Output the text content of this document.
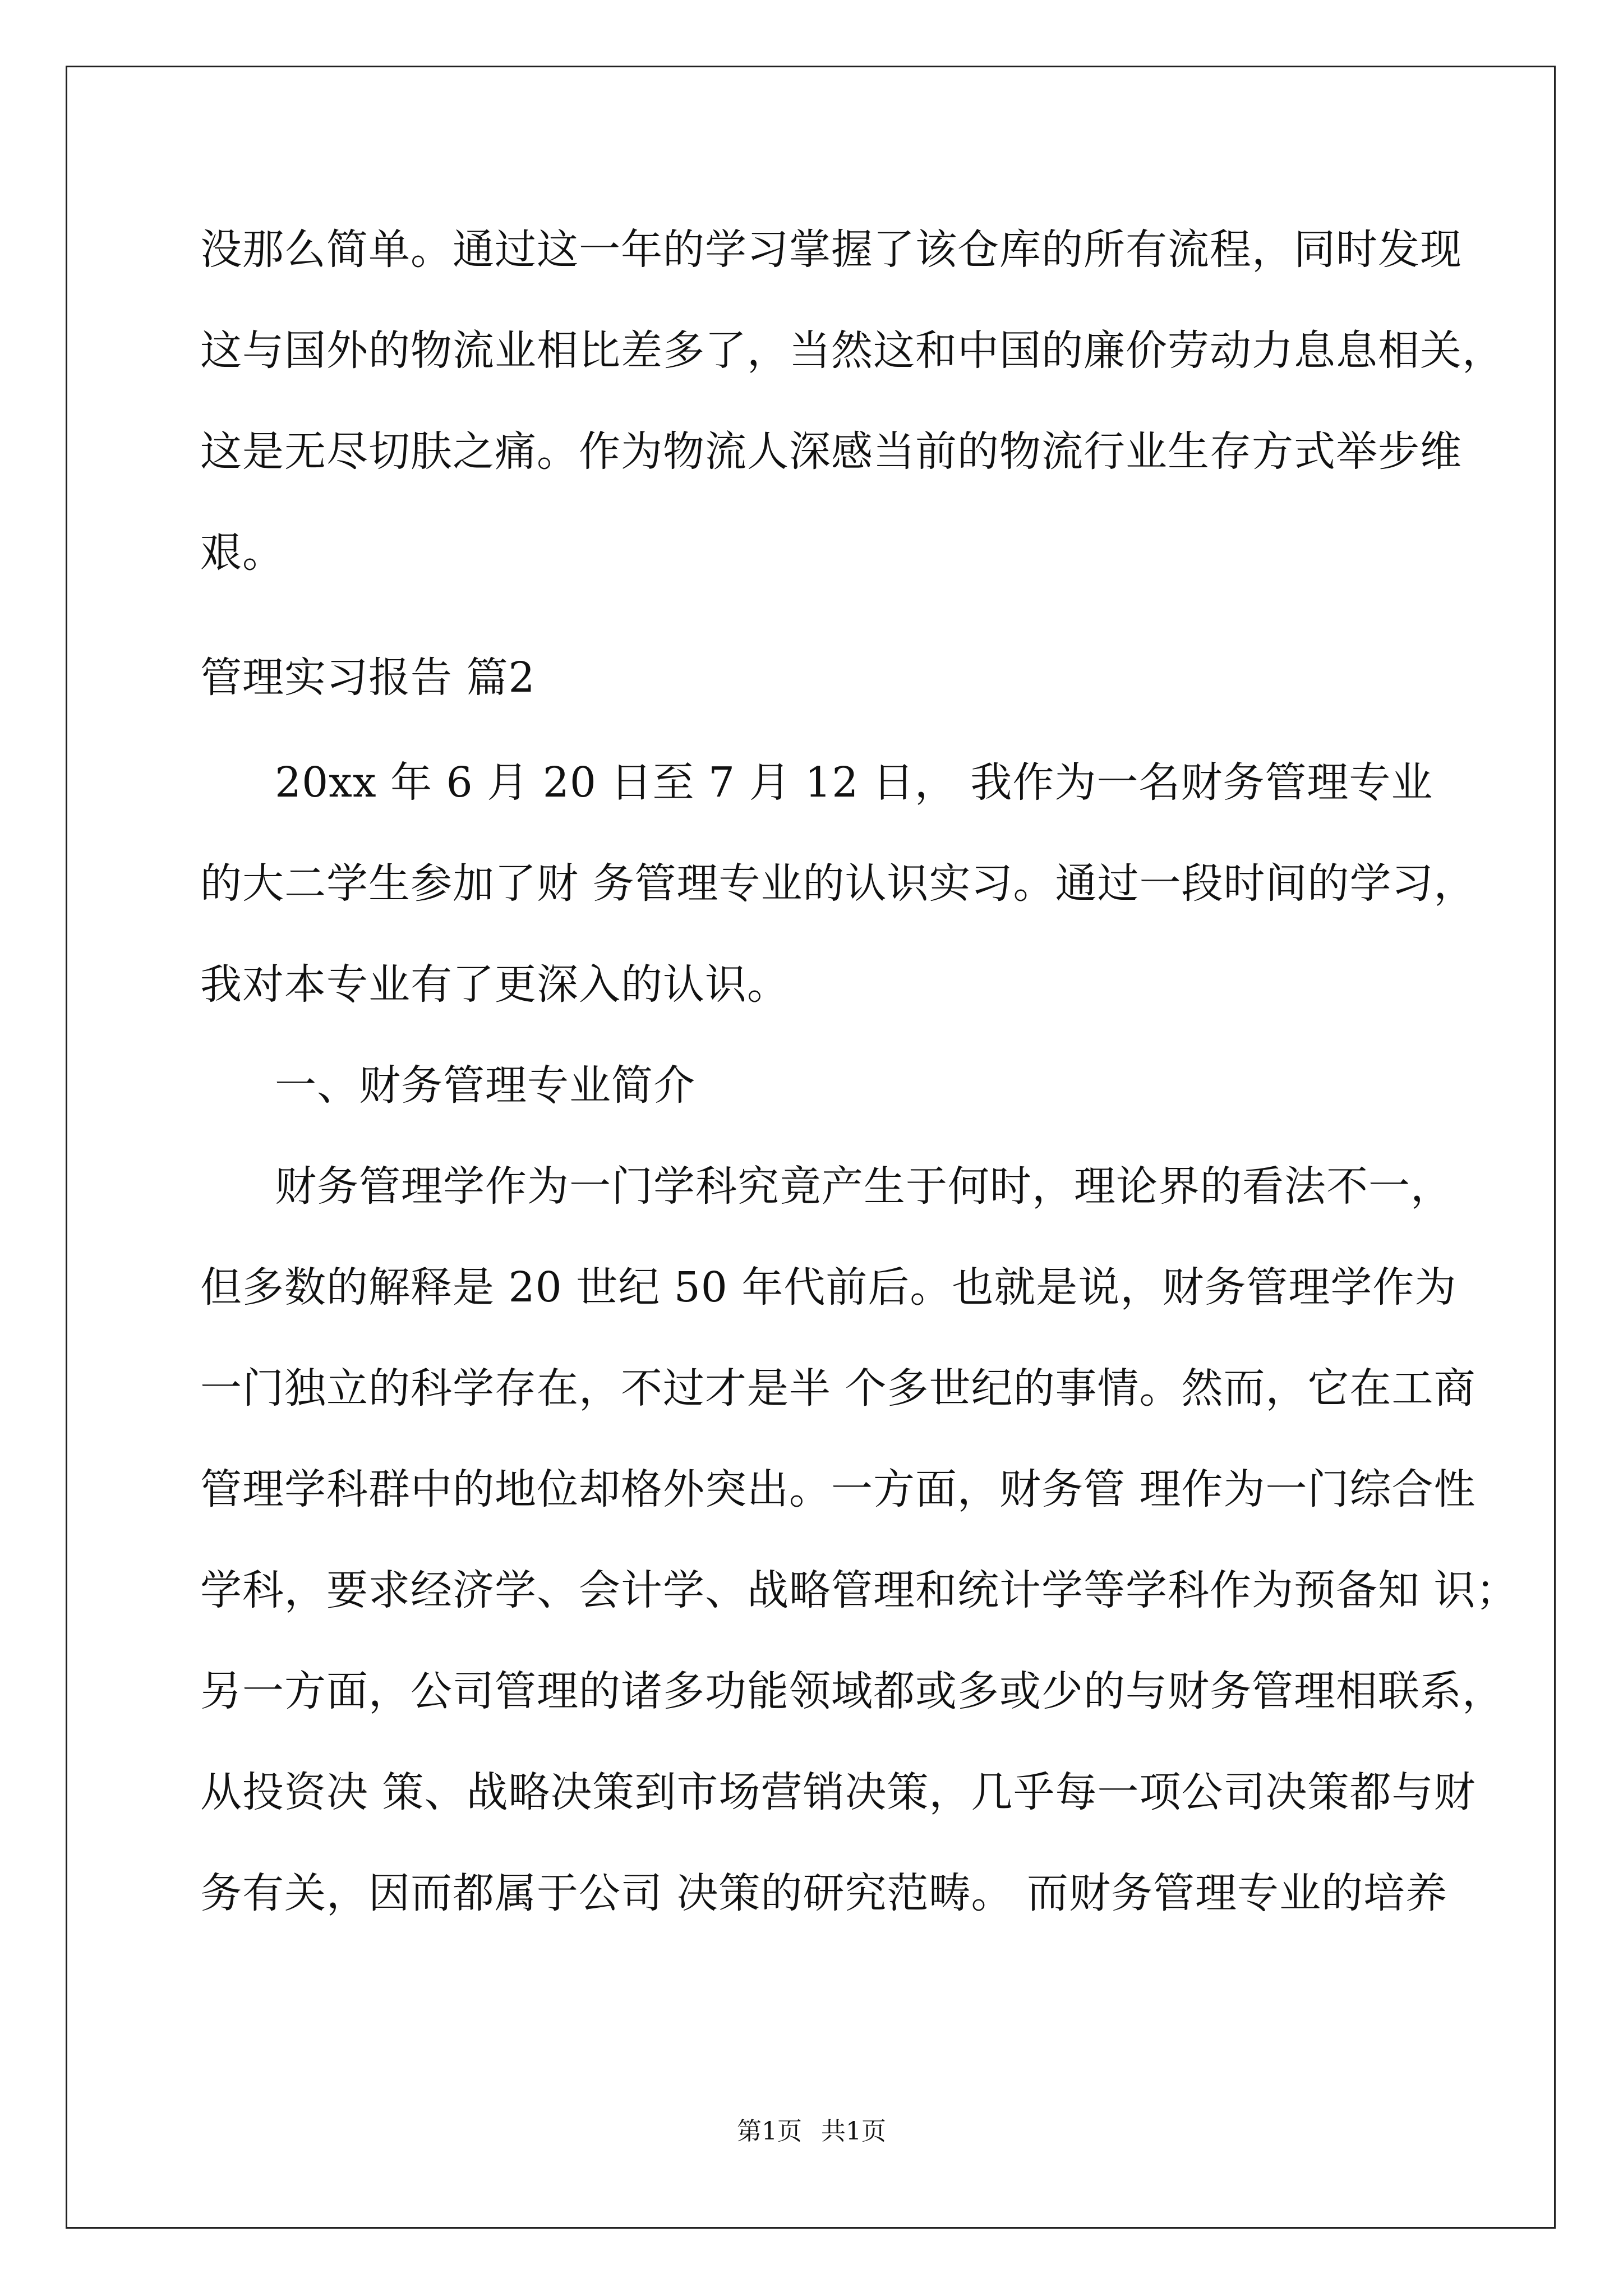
没那么简单。通过这一年的学习掌握了该仓库的所有流程，同时发现
这与国外的物流业相比差多了，当然这和中国的廉价劳动力息息相关，
这是无尽切肤之痛。作为物流人深感当前的物流行业生存方式举步维
艰。
管理实习报告 篇2
20xx 年 6 月 20 日至 7 月 12 日， 我作为一名财务管理专业
的大二学生参加了财 务管理专业的认识实习。通过一段时间的学习，
我对本专业有了更深入的认识。
一、财务管理专业简介
财务管理学作为一门学科究竟产生于何时，理论界的看法不一，
但多数的解释是 20 世纪 50 年代前后。也就是说，财务管理学作为
一门独立的科学存在，不过才是半 个多世纪的事情。然而，它在工商
管理学科群中的地位却格外突出。一方面，财务管 理作为一门综合性
学科，要求经济学、会计学、战略管理和统计学等学科作为预备知 识；
另一方面，公司管理的诸多功能领域都或多或少的与财务管理相联系，
从投资决 策、战略决策到市场营销决策，几乎每一项公司决策都与财
务有关，因而都属于公司 决策的研究范畴。 而财务管理专业的培养
第1页 共1页
